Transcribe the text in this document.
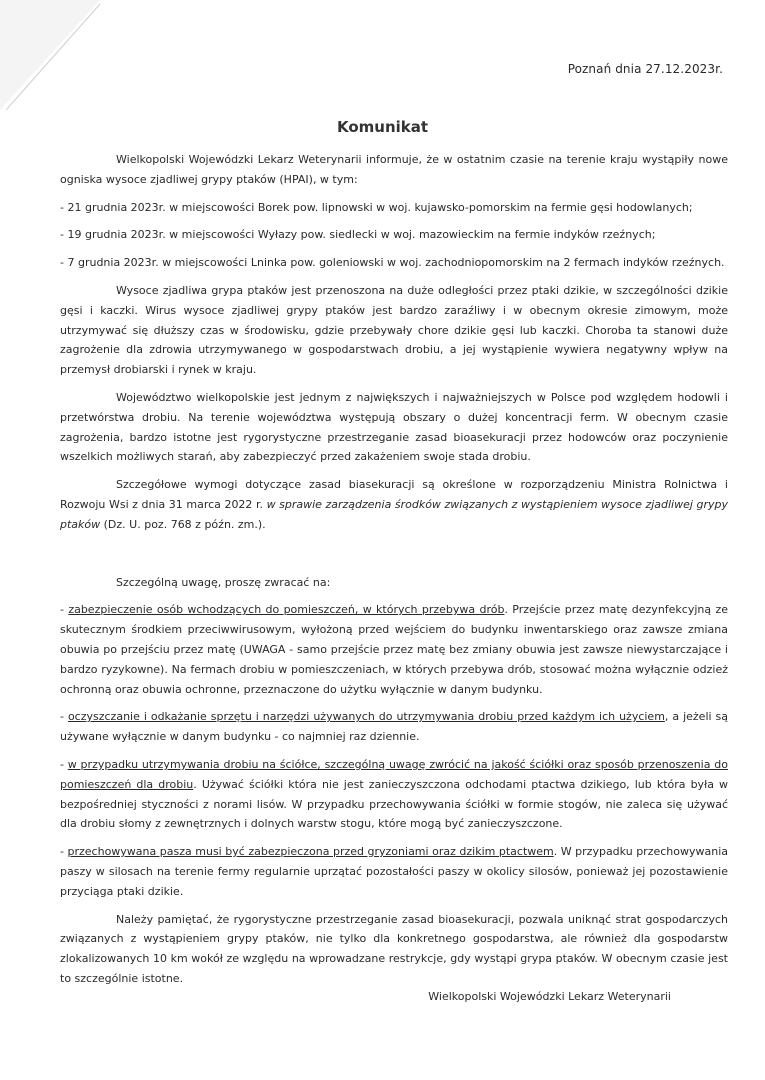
Poznań dnia 27.12.2023r.
Komunikat

Wielkopolski Wojewódzki Lekarz Weterynarii informuje, że w ostatnim czasie na terenie kraju wystąpiły nowe ogniska wysoce zjadliwej grypy ptaków (HPAI), w tym:

- 21 grudnia 2023r. w miejscowości Borek pow. lipnowski w woj. kujawsko-pomorskim na fermie gęsi hodowlanych;

- 19 grudnia 2023r. w miejscowości Wyłazy pow. siedlecki w woj. mazowieckim na fermie indyków rzeźnych;

- 7 grudnia 2023r. w miejscowości Lninka pow. goleniowski w woj. zachodniopomorskim na 2 fermach indyków rzeźnych.

Wysoce zjadliwa grypa ptaków jest przenoszona na duże odległości przez ptaki dzikie, w szczególności dzikie gęsi i kaczki. Wirus wysoce zjadliwej grypy ptaków jest bardzo zaraźliwy i w obecnym okresie zimowym, może utrzymywać się dłuższy czas w środowisku, gdzie przebywały chore dzikie gęsi lub kaczki. Choroba ta stanowi duże zagrożenie dla zdrowia utrzymywanego w gospodarstwach drobiu, a jej wystąpienie wywiera negatywny wpływ na przemysł drobiarski i rynek w kraju.

Województwo wielkopolskie jest jednym z największych i najważniejszych w Polsce pod względem hodowli i przetwórstwa drobiu. Na terenie województwa występują obszary o dużej koncentracji ferm. W obecnym czasie zagrożenia, bardzo istotne jest rygorystyczne przestrzeganie zasad bioasekuracji przez hodowców oraz poczynienie wszelkich możliwych starań, aby zabezpieczyć przed zakażeniem swoje stada drobiu.

Szczegółowe wymogi dotyczące zasad biasekuracji są określone w rozporządzeniu Ministra Rolnictwa i Rozwoju Wsi z dnia 31 marca 2022 r. w sprawie zarządzenia środków związanych z wystąpieniem wysoce zjadliwej grypy ptaków (Dz. U. poz. 768 z późn. zm.).

Szczególną uwagę, proszę zwracać na:

- zabezpieczenie osób wchodzących do pomieszczeń, w których przebywa drób. Przejście przez matę dezynfekcyjną ze skutecznym środkiem przeciwwirusowym, wyłożoną przed wejściem do budynku inwentarskiego oraz zawsze zmiana obuwia po przejściu przez matę (UWAGA - samo przejście przez matę bez zmiany obuwia jest zawsze niewystarczające i bardzo ryzykowne). Na fermach drobiu w pomieszczeniach, w których przebywa drób, stosować można wyłącznie odzież ochronną oraz obuwia ochronne, przeznaczone do użytku wyłącznie w danym budynku.

- oczyszczanie i odkażanie sprzętu i narzędzi używanych do utrzymywania drobiu przed każdym ich użyciem, a jeżeli są używane wyłącznie w danym budynku - co najmniej raz dziennie.

- w przypadku utrzymywania drobiu na ściółce, szczególną uwagę zwrócić na jakość ściółki oraz sposób przenoszenia do pomieszczeń dla drobiu. Używać ściółki która nie jest zanieczyszczona odchodami ptactwa dzikiego, lub która była w bezpośredniej styczności z norami lisów. W przypadku przechowywania ściółki w formie stogów, nie zaleca się używać dla drobiu słomy z zewnętrznych i dolnych warstw stogu, które mogą być zanieczyszczone.

- przechowywana pasza musi być zabezpieczona przed gryzoniami oraz dzikim ptactwem. W przypadku przechowywania paszy w silosach na terenie fermy regularnie uprzątać pozostałości paszy w okolicy silosów, ponieważ jej pozostawienie przyciąga ptaki dzikie.

Należy pamiętać, że rygorystyczne przestrzeganie zasad bioasekuracji, pozwala uniknąć strat gospodarczych związanych z wystąpieniem grypy ptaków, nie tylko dla konkretnego gospodarstwa, ale również dla gospodarstw zlokalizowanych 10 km wokół ze względu na wprowadzane restrykcje, gdy wystąpi grypa ptaków. W obecnym czasie jest to szczególnie istotne.

Wielkopolski Wojewódzki Lekarz Weterynarii
